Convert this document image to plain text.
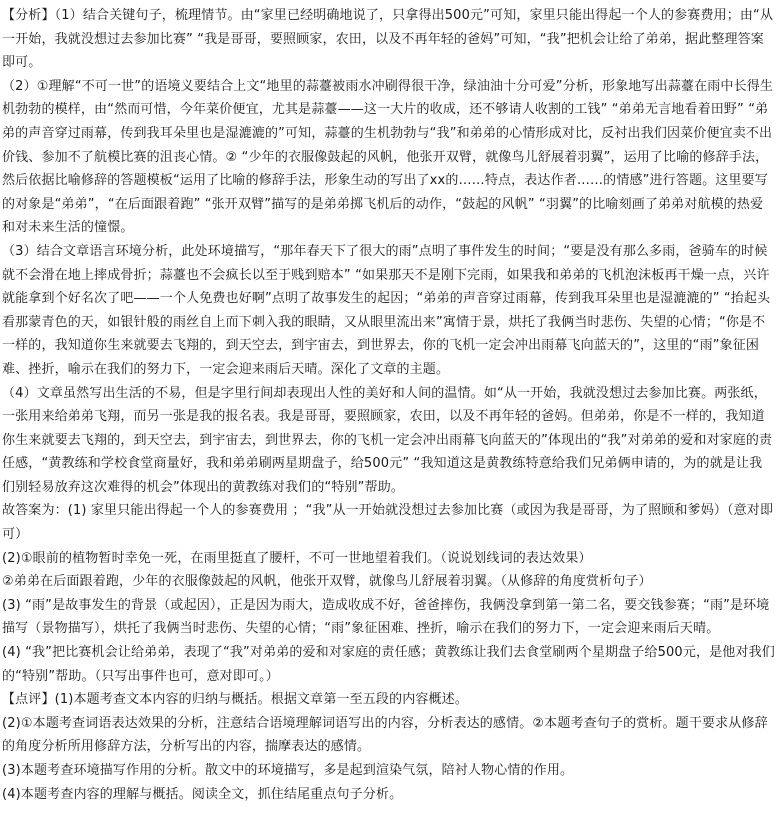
【分析】（1）结合关键句子，梳理情节。由“家里已经明确地说了，只拿得出500元”可知，家里只能出得起一个人的参赛费用；由“从一开始，我就没想过去参加比赛” “我是哥哥，要照顾家，农田，以及不再年轻的爸妈”可知，“我”把机会让给了弟弟，据此整理答案即可。

（2）①理解“不可一世”的语境义要结合上文“地里的蒜薹被雨水冲刷得很干净，绿油油十分可爱”分析，形象地写出蒜薹在雨中长得生机勃勃的模样，由“然而可惜，今年菜价便宜，尤其是蒜薹——这一大片的收成，还不够请人收割的工钱” “弟弟无言地看着田野” “弟弟的声音穿过雨幕，传到我耳朵里也是湿漉漉的”可知，蒜薹的生机勃勃与“我”和弟弟的心情形成对比，反衬出我们因菜价便宜卖不出价钱、参加不了航模比赛的沮丧心情。② “少年的衣服像鼓起的风帆，他张开双臂，就像鸟儿舒展着羽翼”，运用了比喻的修辞手法，然后依据比喻修辞的答题模板“运用了比喻的修辞手法，形象生动的写出了xx的……特点，表达作者……的情感”进行答题。这里要写的对象是“弟弟”，“在后面跟着跑” “张开双臂”描写的是弟弟掷飞机后的动作，“鼓起的风帆” “羽翼”的比喻刻画了弟弟对航模的热爱和对未来生活的憧憬。

（3）结合文章语言环境分析，此处环境描写，“那年春天下了很大的雨”点明了事件发生的时间；“要是没有那么多雨，爸骑车的时候就不会滑在地上摔成骨折；蒜薹也不会疯长以至于贱到赔本” “如果那天不是刚下完雨，如果我和弟弟的飞机泡沫板再干燥一点，兴许就能拿到个好名次了吧——一个人免费也好啊”点明了故事发生的起因；“弟弟的声音穿过雨幕，传到我耳朵里也是湿漉漉的” “抬起头看那蒙青色的天，如银针般的雨丝自上而下刺入我的眼睛，又从眼里流出来”寓情于景，烘托了我俩当时悲伤、失望的心情；“你是不一样的，我知道你生来就要去飞翔的，到天空去，到宇宙去，到世界去，你的飞机一定会冲出雨幕飞向蓝天的”，这里的“雨”象征困难、挫折，喻示在我们的努力下，一定会迎来雨后天晴。深化了文章的主题。

（4）文章虽然写出生活的不易，但是字里行间却表现出人性的美好和人间的温情。如“从一开始，我就没想过去参加比赛。两张纸，一张用来给弟弟飞翔，而另一张是我的报名表。我是哥哥，要照顾家，农田，以及不再年轻的爸妈。但弟弟，你是不一样的，我知道你生来就要去飞翔的，到天空去，到宇宙去，到世界去，你的飞机一定会冲出雨幕飞向蓝天的”体现出的“我”对弟弟的爱和对家庭的责任感，“黄教练和学校食堂商量好，我和弟弟刷两星期盘子，给500元” “我知道这是黄教练特意给我们兄弟俩申请的，为的就是让我们别轻易放弃这次难得的机会”体现出的黄教练对我们的“特别”帮助。

故答案为：(1) 家里只能出得起一个人的参赛费用 ；“我”从一开始就没想过去参加比赛（或因为我是哥哥，为了照顾和爹妈）（意对即可）

(2)①眼前的植物暂时幸免一死，在雨里挺直了腰杆，不可一世地望着我们。（说说划线词的表达效果）

②弟弟在后面跟着跑，少年的衣服像鼓起的风帆，他张开双臂，就像鸟儿舒展着羽翼。（从修辞的角度赏析句子）

(3) “雨”是故事发生的背景（或起因），正是因为雨大，造成收成不好，爸爸摔伤，我俩没拿到第一第二名，要交钱参赛；“雨”是环境描写（景物描写），烘托了我俩当时悲伤、失望的心情；“雨”象征困难、挫折，喻示在我们的努力下，一定会迎来雨后天晴。

(4) “我”把比赛机会让给弟弟，表现了“我”对弟弟的爱和对家庭的责任感；黄教练让我们去食堂刷两个星期盘子给500元，是他对我们的“特别”帮助。（只写出事件也可，意对即可。）

【点评】(1)本题考查文本内容的归纳与概括。根据文章第一至五段的内容概述。

(2)①本题考查词语表达效果的分析，注意结合语境理解词语写出的内容，分析表达的感情。②本题考查句子的赏析。题干要求从修辞的角度分析所用修辞方法，分析写出的内容，揣摩表达的感情。

(3)本题考查环境描写作用的分析。散文中的环境描写，多是起到渲染气氛，陪衬人物心情的作用。

(4)本题考查内容的理解与概括。阅读全文，抓住结尾重点句子分析。
